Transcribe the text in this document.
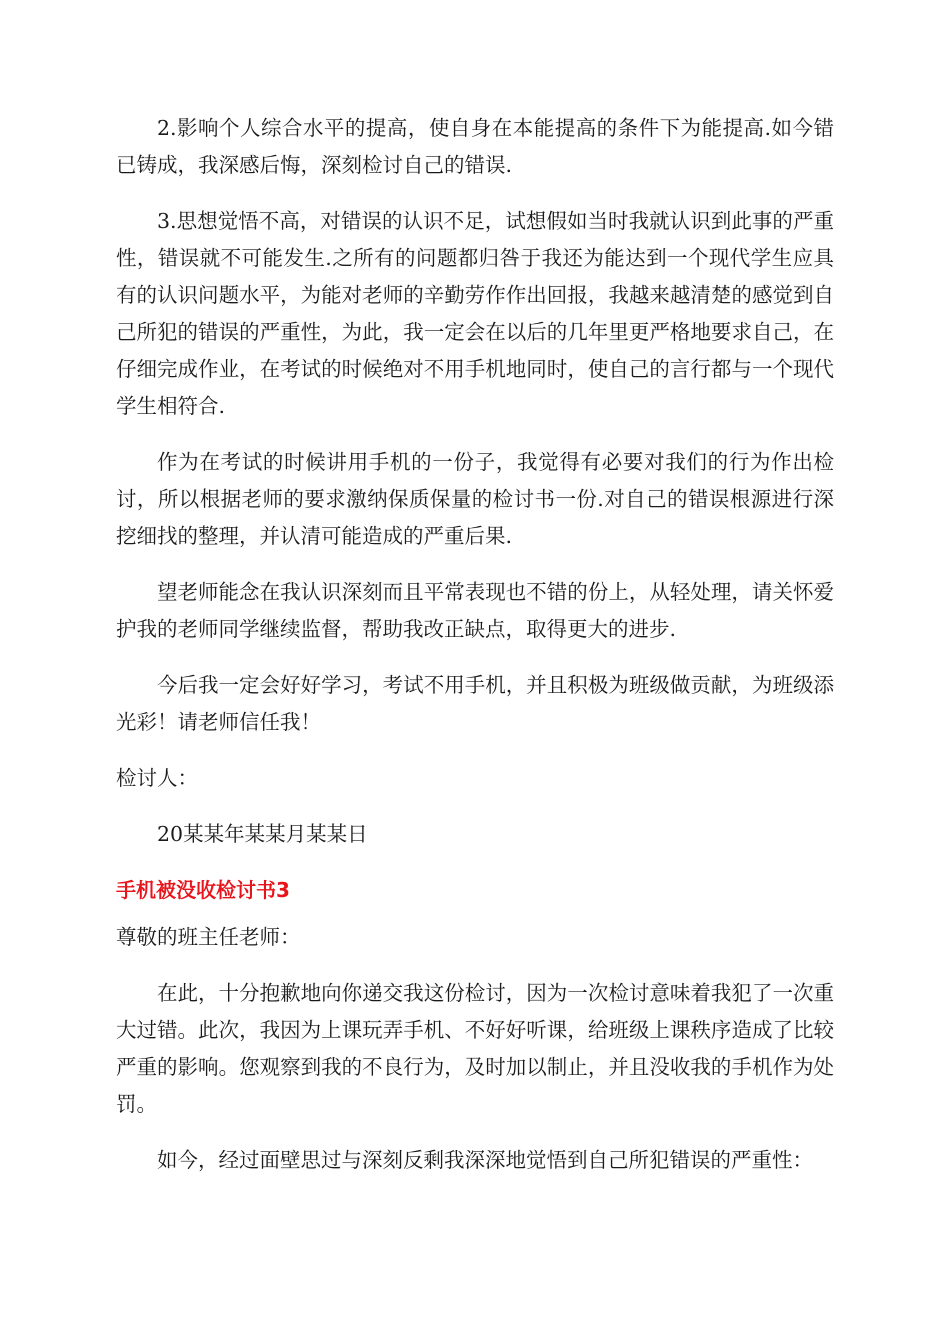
2.影响个人综合水平的提高，使自身在本能提高的条件下为能提高.如今错已铸成，我深感后悔，深刻检讨自己的错误.

3.思想觉悟不高，对错误的认识不足，试想假如当时我就认识到此事的严重性，错误就不可能发生.之所有的问题都归咎于我还为能达到一个现代学生应具有的认识问题水平，为能对老师的辛勤劳作作出回报，我越来越清楚的感觉到自己所犯的错误的严重性，为此，我一定会在以后的几年里更严格地要求自己，在仔细完成作业，在考试的时候绝对不用手机地同时，使自己的言行都与一个现代学生相符合.

作为在考试的时候讲用手机的一份子，我觉得有必要对我们的行为作出检讨，所以根据老师的要求激纳保质保量的检讨书一份.对自己的错误根源进行深挖细找的整理，并认清可能造成的严重后果.

望老师能念在我认识深刻而且平常表现也不错的份上，从轻处理，请关怀爱护我的老师同学继续监督，帮助我改正缺点，取得更大的进步.

今后我一定会好好学习，考试不用手机，并且积极为班级做贡献，为班级添光彩！请老师信任我！

检讨人：

20某某年某某月某某日

手机被没收检讨书3

尊敬的班主任老师：

在此，十分抱歉地向你递交我这份检讨，因为一次检讨意味着我犯了一次重大过错。此次，我因为上课玩弄手机、不好好听课，给班级上课秩序造成了比较严重的影响。您观察到我的不良行为，及时加以制止，并且没收我的手机作为处罚。

如今，经过面壁思过与深刻反剩我深深地觉悟到自己所犯错误的严重性：
